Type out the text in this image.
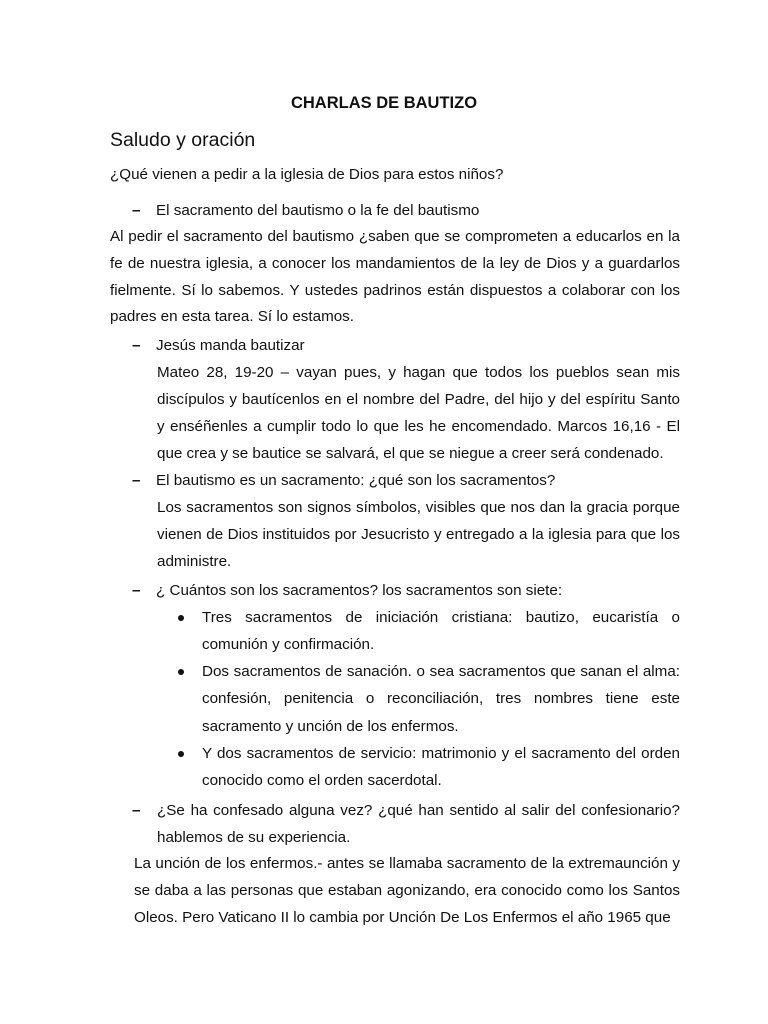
CHARLAS DE BAUTIZO
Saludo y oración

¿Qué vienen a pedir a la iglesia de Dios para estos niños?

– El sacramento del bautismo o la fe del bautismo

Al pedir el sacramento del bautismo ¿saben que se comprometen a educarlos en la fe de nuestra iglesia, a conocer los mandamientos de la ley de Dios y a guardarlos fielmente. Sí lo sabemos. Y ustedes padrinos están dispuestos a colaborar con los padres en esta tarea. Sí lo estamos.

– Jesús manda bautizar

Mateo 28, 19-20 – vayan pues, y hagan que todos los pueblos sean mis discípulos y bautícenlos en el nombre del Padre, del hijo y del espíritu Santo y enséñenles a cumplir todo lo que les he encomendado. Marcos 16,16 - El que crea y se bautice se salvará, el que se niegue a creer será condenado.

– El bautismo es un sacramento: ¿qué son los sacramentos?

Los sacramentos son signos símbolos, visibles que nos dan la gracia porque vienen de Dios instituidos por Jesucristo y entregado a la iglesia para que los administre.

– ¿ Cuántos son los sacramentos? los sacramentos son siete:

Tres sacramentos de iniciación cristiana: bautizo, eucaristía o comunión y confirmación.

Dos sacramentos de sanación. o sea sacramentos que sanan el alma: confesión, penitencia o reconciliación, tres nombres tiene este sacramento y unción de los enfermos.

Y dos sacramentos de servicio: matrimonio y el sacramento del orden conocido como el orden sacerdotal.

– ¿Se ha confesado alguna vez? ¿qué han sentido al salir del confesionario? hablemos de su experiencia.

La unción de los enfermos.- antes se llamaba sacramento de la extremaunción y se daba a las personas que estaban agonizando, era conocido como los Santos Oleos. Pero Vaticano II lo cambia por Unción De Los Enfermos el año 1965 que
